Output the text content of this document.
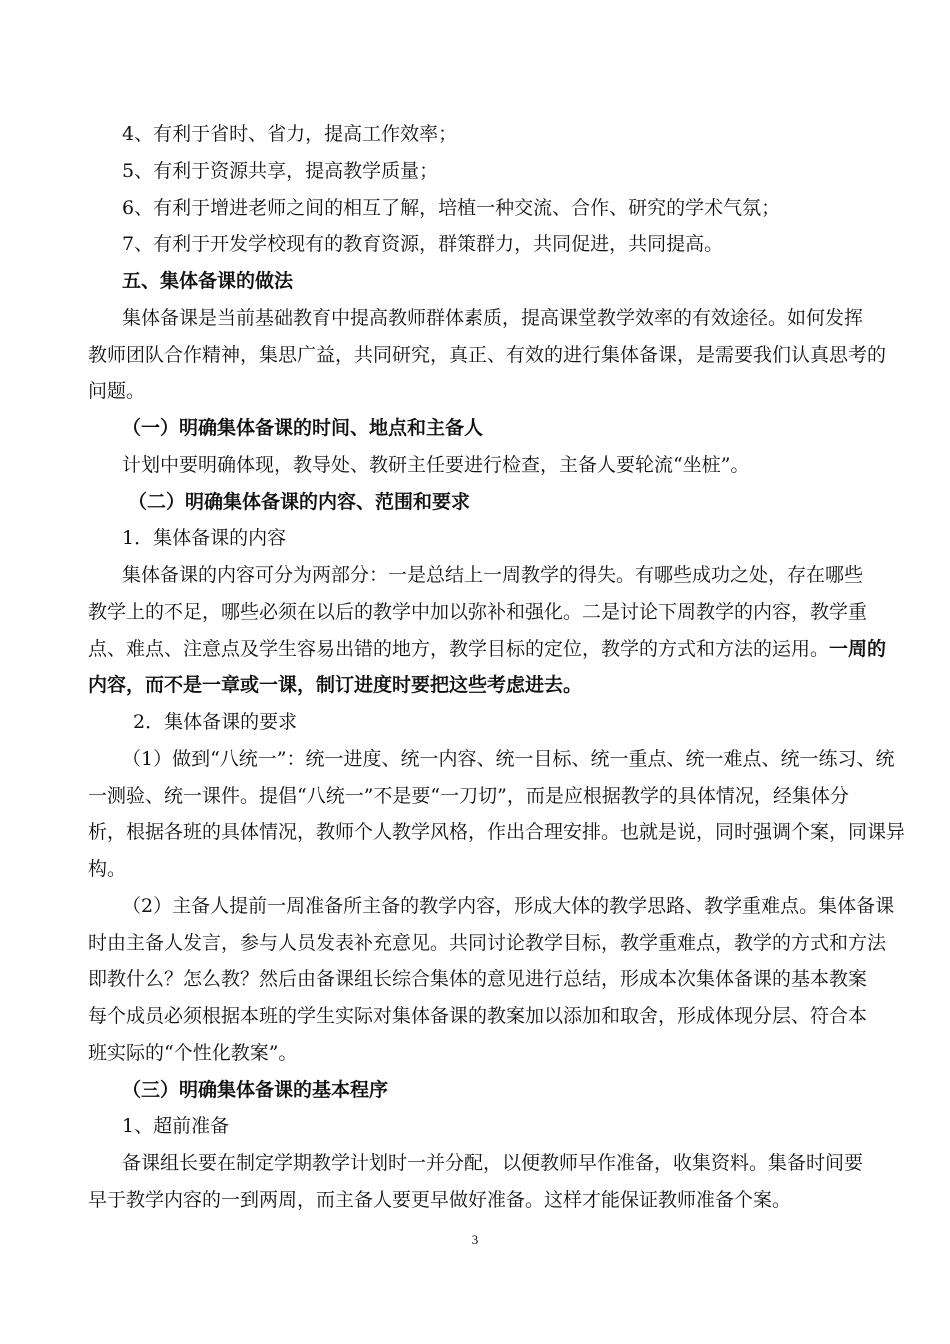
4、有利于省时、省力，提高工作效率；
5、有利于资源共享，提高教学质量；
6、有利于增进老师之间的相互了解，培植一种交流、合作、研究的学术气氛；
7、有利于开发学校现有的教育资源，群策群力，共同促进，共同提高。
五、集体备课的做法
集体备课是当前基础教育中提高教师群体素质，提高课堂教学效率的有效途径。如何发挥
教师团队合作精神，集思广益，共同研究，真正、有效的进行集体备课，是需要我们认真思考的
问题。
（一）明确集体备课的时间、地点和主备人
计划中要明确体现，教导处、教研主任要进行检查，主备人要轮流“坐桩”。
（二）明确集体备课的内容、范围和要求
1．集体备课的内容
集体备课的内容可分为两部分：一是总结上一周教学的得失。有哪些成功之处，存在哪些
教学上的不足，哪些必须在以后的教学中加以弥补和强化。二是讨论下周教学的内容，教学重
点、难点、注意点及学生容易出错的地方，教学目标的定位，教学的方式和方法的运用。一周的
内容，而不是一章或一课，制订进度时要把这些考虑进去。
2．集体备课的要求
（1）做到“八统一”：统一进度、统一内容、统一目标、统一重点、统一难点、统一练习、统
一测验、统一课件。提倡“八统一”不是要“一刀切”，而是应根据教学的具体情况，经集体分
析，根据各班的具体情况，教师个人教学风格，作出合理安排。也就是说，同时强调个案，同课异
构。
（2）主备人提前一周准备所主备的教学内容，形成大体的教学思路、教学重难点。集体备课
时由主备人发言，参与人员发表补充意见。共同讨论教学目标，教学重难点，教学的方式和方法
即教什么？怎么教？然后由备课组长综合集体的意见进行总结，形成本次集体备课的基本教案
每个成员必须根据本班的学生实际对集体备课的教案加以添加和取舍，形成体现分层、符合本
班实际的“个性化教案”。
（三）明确集体备课的基本程序
1、超前准备
备课组长要在制定学期教学计划时一并分配，以便教师早作准备，收集资料。集备时间要
早于教学内容的一到两周，而主备人要更早做好准备。这样才能保证教师准备个案。
3
